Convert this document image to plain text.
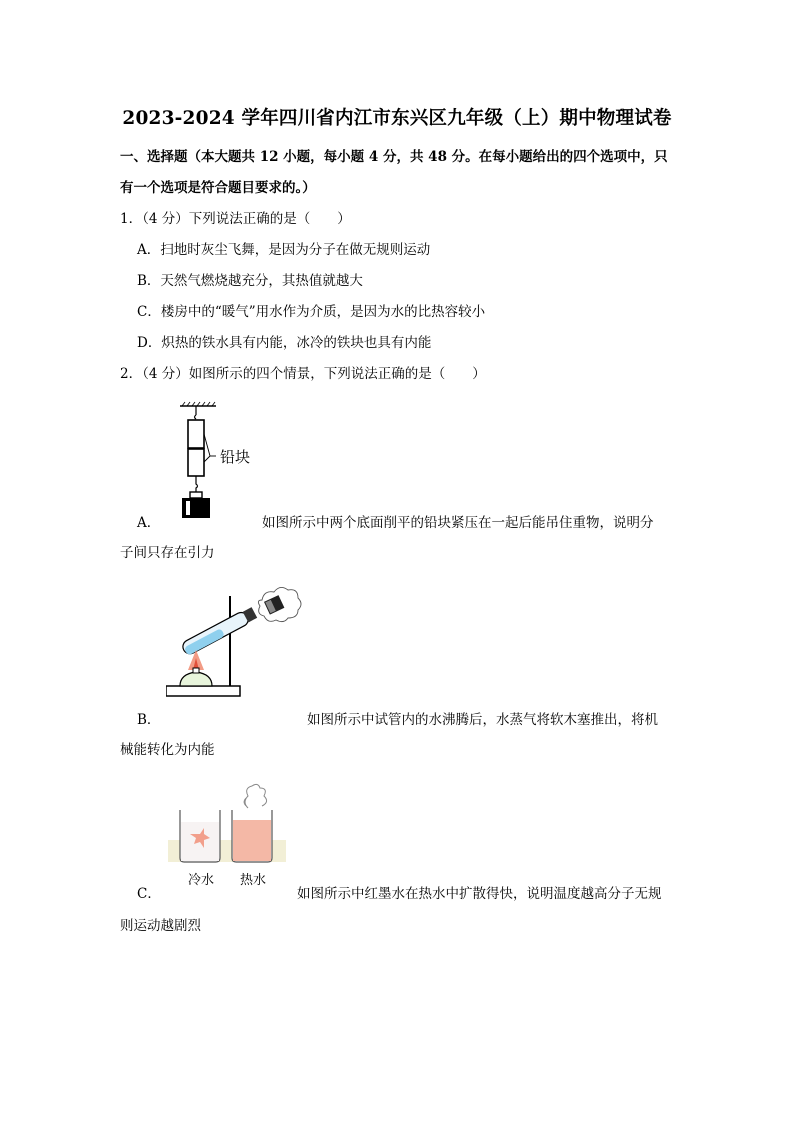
2023-2024 学年四川省内江市东兴区九年级（上）期中物理试卷
一、选择题（本大题共 12 小题，每小题 4 分，共 48 分。在每小题给出的四个选项中，只有一个选项是符合题目要求的。）
1．（4 分）下列说法正确的是（　　）
A．扫地时灰尘飞舞，是因为分子在做无规则运动
B．天然气燃烧越充分，其热值就越大
C．楼房中的“暖气”用水作为介质，是因为水的比热容较小
D．炽热的铁水具有内能，冰冷的铁块也具有内能
2．（4 分）如图所示的四个情景，下列说法正确的是（　　）
铅块
A．	如图所示中两个底面削平的铅块紧压在一起后能吊住重物，说明分
子间只存在引力
B．	如图所示中试管内的水沸腾后，水蒸气将软木塞推出，将机
械能转化为内能
冷水 热水
C．	如图所示中红墨水在热水中扩散得快，说明温度越高分子无规
则运动越剧烈
